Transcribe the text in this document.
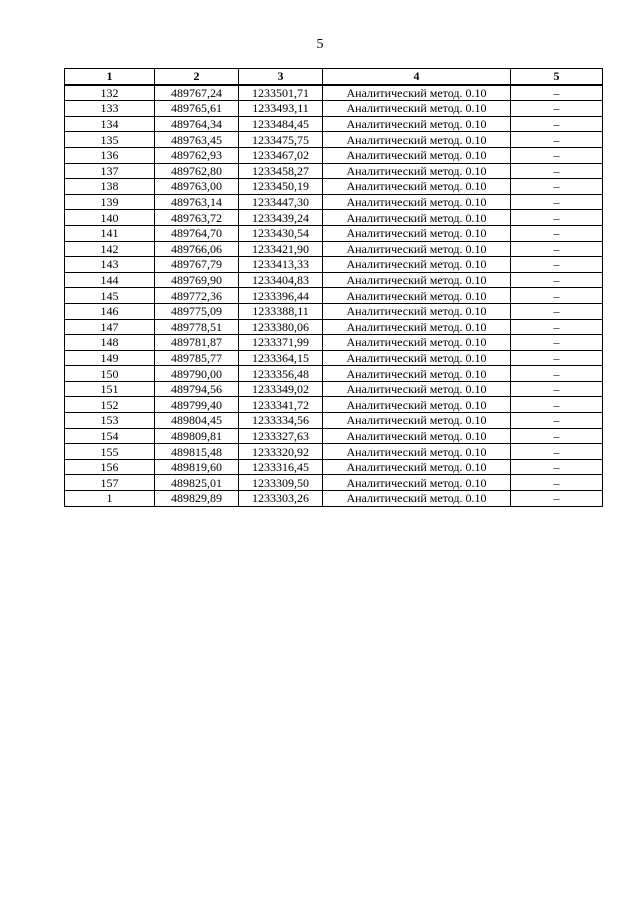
5
1	2	3	4	5
132	489767,24	1233501,71	Аналитический метод. 0.10	–
133	489765,61	1233493,11	Аналитический метод. 0.10	–
134	489764,34	1233484,45	Аналитический метод. 0.10	–
135	489763,45	1233475,75	Аналитический метод. 0.10	–
136	489762,93	1233467,02	Аналитический метод. 0.10	–
137	489762,80	1233458,27	Аналитический метод. 0.10	–
138	489763,00	1233450,19	Аналитический метод. 0.10	–
139	489763,14	1233447,30	Аналитический метод. 0.10	–
140	489763,72	1233439,24	Аналитический метод. 0.10	–
141	489764,70	1233430,54	Аналитический метод. 0.10	–
142	489766,06	1233421,90	Аналитический метод. 0.10	–
143	489767,79	1233413,33	Аналитический метод. 0.10	–
144	489769,90	1233404,83	Аналитический метод. 0.10	–
145	489772,36	1233396,44	Аналитический метод. 0.10	–
146	489775,09	1233388,11	Аналитический метод. 0.10	–
147	489778,51	1233380,06	Аналитический метод. 0.10	–
148	489781,87	1233371,99	Аналитический метод. 0.10	–
149	489785,77	1233364,15	Аналитический метод. 0.10	–
150	489790,00	1233356,48	Аналитический метод. 0.10	–
151	489794,56	1233349,02	Аналитический метод. 0.10	–
152	489799,40	1233341,72	Аналитический метод. 0.10	–
153	489804,45	1233334,56	Аналитический метод. 0.10	–
154	489809,81	1233327,63	Аналитический метод. 0.10	–
155	489815,48	1233320,92	Аналитический метод. 0.10	–
156	489819,60	1233316,45	Аналитический метод. 0.10	–
157	489825,01	1233309,50	Аналитический метод. 0.10	–
1	489829,89	1233303,26	Аналитический метод. 0.10	–
